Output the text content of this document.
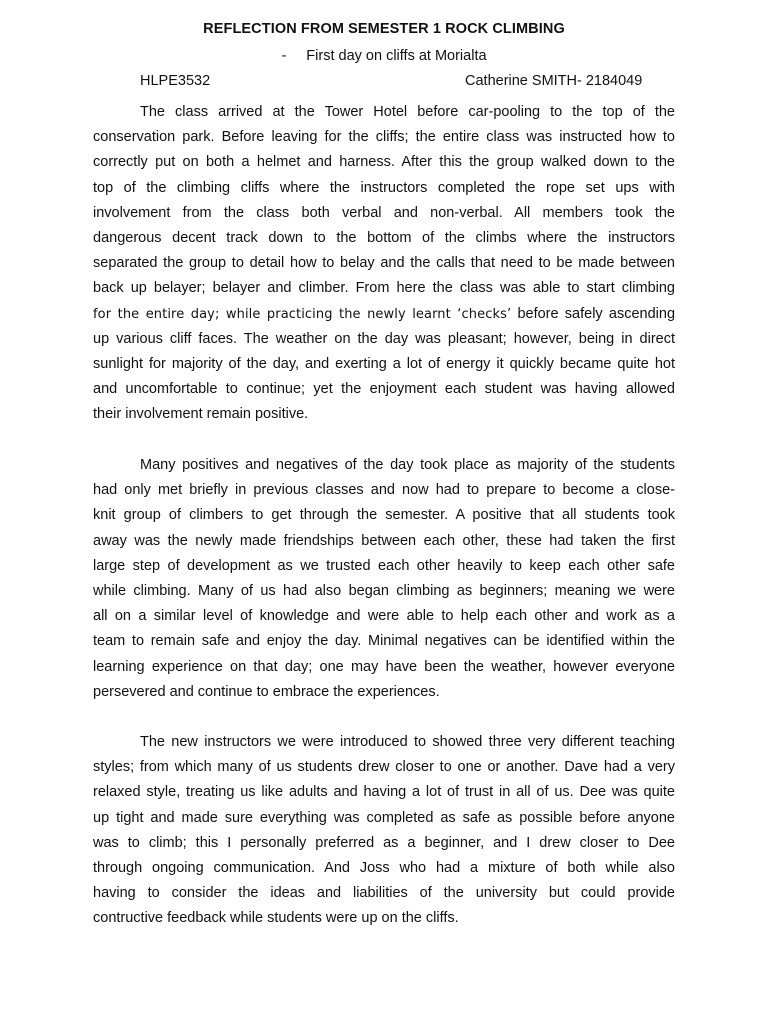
REFLECTION FROM SEMESTER 1 ROCK CLIMBING
- First day on cliffs at Morialta
HLPE3532	Catherine SMITH- 2184049
The class arrived at the Tower Hotel before car-pooling to the top of the
conservation park. Before leaving for the cliffs; the entire class was instructed how to
correctly put on both a helmet and harness. After this the group walked down to the
top of the climbing cliffs where the instructors completed the rope set ups with
involvement from the class both verbal and non-verbal. All members took the
dangerous decent track down to the bottom of the climbs where the instructors
separated the group to detail how to belay and the calls that need to be made between
back up belayer; belayer and climber. From here the class was able to start climbing
for the entire day; while practicing the newly learnt ‘checks’ before safely ascending
up various cliff faces. The weather on the day was pleasant; however, being in direct
sunlight for majority of the day, and exerting a lot of energy it quickly became quite hot
and uncomfortable to continue; yet the enjoyment each student was having allowed
their involvement remain positive.
Many positives and negatives of the day took place as majority of the students
had only met briefly in previous classes and now had to prepare to become a close-
knit group of climbers to get through the semester. A positive that all students took
away was the newly made friendships between each other, these had taken the first
large step of development as we trusted each other heavily to keep each other safe
while climbing. Many of us had also began climbing as beginners; meaning we were
all on a similar level of knowledge and were able to help each other and work as a
team to remain safe and enjoy the day. Minimal negatives can be identified within the
learning experience on that day; one may have been the weather, however everyone
persevered and continue to embrace the experiences.
The new instructors we were introduced to showed three very different teaching
styles; from which many of us students drew closer to one or another. Dave had a very
relaxed style, treating us like adults and having a lot of trust in all of us. Dee was quite
up tight and made sure everything was completed as safe as possible before anyone
was to climb; this I personally preferred as a beginner, and I drew closer to Dee
through ongoing communication. And Joss who had a mixture of both while also
having to consider the ideas and liabilities of the university but could provide
contructive feedback while students were up on the cliffs.
